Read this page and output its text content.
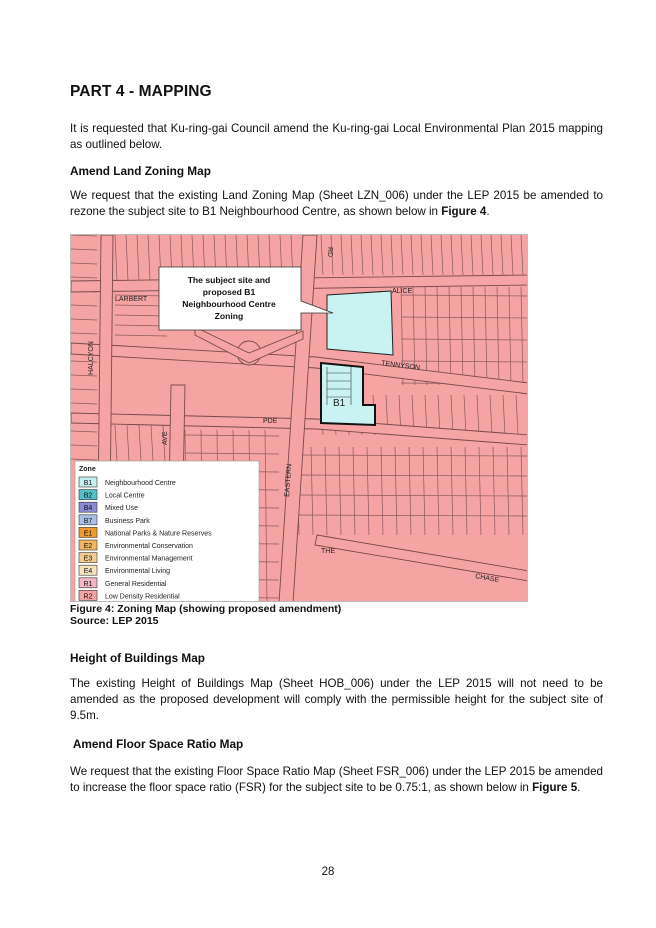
PART 4 - MAPPING
It is requested that Ku-ring-gai Council amend the Ku-ring-gai Local Environmental Plan 2015 mapping as outlined below.
Amend Land Zoning Map
We request that the existing Land Zoning Map (Sheet LZN_006) under the LEP 2015 be amended to rezone the subject site to B1 Neighbourhood Centre, as shown below in Figure 4.
B1
RD
LARBERT
ALICE
HALCYON	TENNYSON
PDE
AVE
EASTERN
THE
CHASE
The subject site and
proposed B1
Neighbourhood Centre
Zoning
Zone
B1 Neighbourhood Centre
B2 Local Centre
B4 Mixed Use
B7 Business Park
E1 National Parks & Nature Reserves
E2 Environmental Conservation
E3 Environmental Management
E4 Environmental Living
R1 General Residential
R2 Low Density Residential
Figure 4: Zoning Map (showing proposed amendment)
Source: LEP 2015
Height of Buildings Map
The existing Height of Buildings Map (Sheet HOB_006) under the LEP 2015 will not need to be amended as the proposed development will comply with the permissible height for the subject site of 9.5m.
Amend Floor Space Ratio Map
We request that the existing Floor Space Ratio Map (Sheet FSR_006) under the LEP 2015 be amended to increase the floor space ratio (FSR) for the subject site to be 0.75:1, as shown below in Figure 5.
28
